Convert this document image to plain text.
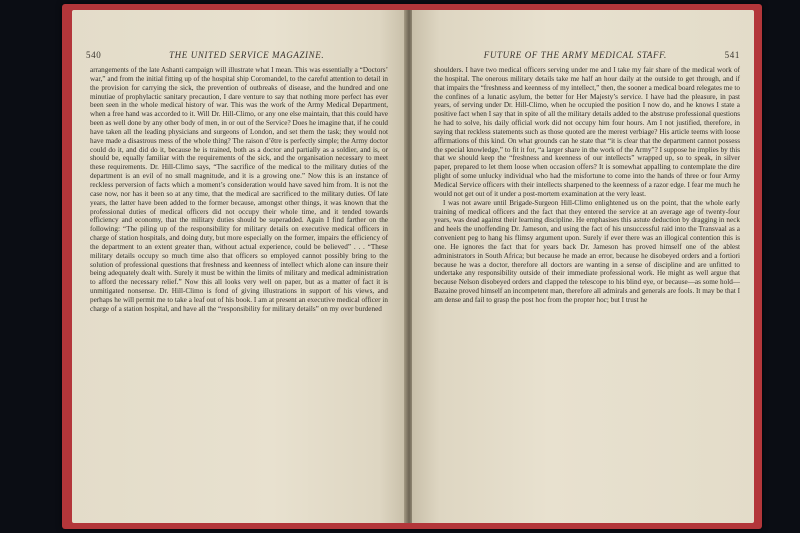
540	THE UNITED SERVICE MAGAZINE.

arrangements of the late Ashanti campaign will illustrate what I mean. This was essentially a “Doctors’ war,” and from the initial fitting up of the hospital ship Coromandel, to the careful attention to detail in the provision for carrying the sick, the prevention of outbreaks of disease, and the hundred and one minutiae of prophylactic sanitary precaution, I dare venture to say that nothing more perfect has ever been seen in the whole medical history of war. This was the work of the Army Medical Department, when a free hand was accorded to it. Will Dr. Hill-Climo, or any one else maintain, that this could have been as well done by any other body of men, in or out of the Service? Does he imagine that, if he could have taken all the leading physicians and surgeons of London, and set them the task; they would not have made a disastrous mess of the whole thing? The raison d’être is perfectly simple; the Army doctor could do it, and did do it, because he is trained, both as a doctor and partially as a soldier, and is, or should be, equally familiar with the requirements of the sick, and the organisation necessary to meet these requirements. Dr. Hill-Climo says, “The sacrifice of the medical to the military duties of the department is an evil of no small magnitude, and it is a growing one.” Now this is an instance of reckless perversion of facts which a moment’s consideration would have saved him from. It is not the case now, nor has it been so at any time, that the medical are sacrificed to the military duties. Of late years, the latter have been added to the former because, amongst other things, it was known that the professional duties of medical officers did not occupy their whole time, and it tended towards efficiency and economy, that the military duties should be superadded. Again I find farther on the following: “The piling up of the responsibility for military details on executive medical officers in charge of station hospitals, and doing duty, but more especially on the former, impairs the efficiency of the department to an extent greater than, without actual experience, could be believed” . . . “These military details occupy so much time also that officers so employed cannot possibly bring to the solution of professional questions that freshness and keenness of intellect which alone can insure their being adequately dealt with. Surely it must be within the limits of military and medical administration to afford the necessary relief.” Now this all looks very well on paper, but as a matter of fact it is unmitigated nonsense. Dr. Hill-Climo is fond of giving illustrations in support of his views, and perhaps he will permit me to take a leaf out of his book. I am at present an executive medical officer in charge of a station hospital, and have all the “responsibility for military details” on my over burdened

FUTURE OF THE ARMY MEDICAL STAFF.	541

shoulders. I have two medical officers serving under me and I take my fair share of the medical work of the hospital. The onerous military details take me half an hour daily at the outside to get through, and if that impairs the “freshness and keenness of my intellect,” then, the sooner a medical board relegates me to the confines of a lunatic asylum, the better for Her Majesty’s service. I have had the pleasure, in past years, of serving under Dr. Hill-Climo, when he occupied the position I now do, and he knows I state a positive fact when I say that in spite of all the military details added to the abstruse professional questions he had to solve, his daily official work did not occupy him four hours. Am I not justified, therefore, in saying that reckless statements such as those quoted are the merest verbiage? His article teems with loose affirmations of this kind. On what grounds can he state that “it is clear that the department cannot possess the special knowledge,” to fit it for, “a larger share in the work of the Army”? I suppose he implies by this that we should keep the “freshness and keenness of our intellects” wrapped up, so to speak, in silver paper, prepared to let them loose when occasion offers? It is somewhat appalling to contemplate the dire plight of some unlucky individual who had the misfortune to come into the hands of three or four Army Medical Service officers with their intellects sharpened to the keenness of a razor edge. I fear me much he would not get out of it under a post-mortem examination at the very least.

I was not aware until Brigade-Surgeon Hill-Climo enlightened us on the point, that the whole early training of medical officers and the fact that they entered the service at an average age of twenty-four years, was dead against their learning discipline. He emphasises this astute deduction by dragging in neck and heels the unoffending Dr. Jameson, and using the fact of his unsuccessful raid into the Transvaal as a convenient peg to hang his flimsy argument upon. Surely if ever there was an illogical contention this is one. He ignores the fact that for years back Dr. Jameson has proved himself one of the ablest administrators in South Africa; but because he made an error, because he disobeyed orders and a fortiori because he was a doctor, therefore all doctors are wanting in a sense of discipline and are unfitted to undertake any responsibility outside of their immediate professional work. He might as well argue that because Nelson disobeyed orders and clapped the telescope to his blind eye, or because—as some hold—Bazaine proved himself an incompetent man, therefore all admirals and generals are fools. It may be that I am dense and fail to grasp the post hoc from the propter hoc; but I trust he
